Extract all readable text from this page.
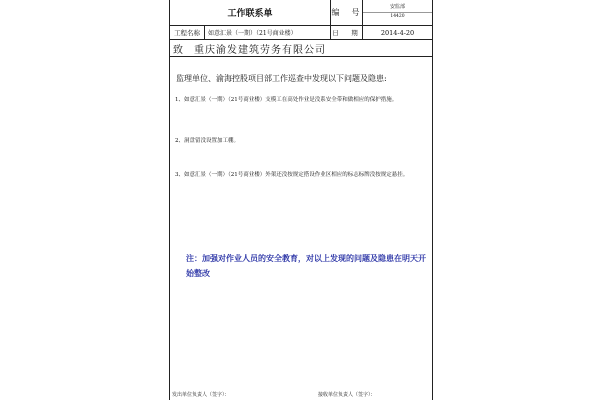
工作联系单	编　号
安监部
14420
工程名称	如意汇景（一期）（21号商业楼）	日　期	2014-4-20
致 重庆渝发建筑劳务有限公司
监理单位、渝海控股项目部工作巡查中发现以下问题及隐患:
1、如意汇景（一期）（21号商业楼）支模工在高处作业是没系安全带和做相应的保护措施。
2、洞盘留没设置加工棚。
3、如意汇景（一期）（21号商业楼）外架还没按规定搭设作业区相应的标志标牌没按规定悬挂。
注：加强对作业人员的安全教育，对以上发现的问题及隐患在明天开始整改
发出单位负责人（签字）：	接收单位负责人（签字）：
